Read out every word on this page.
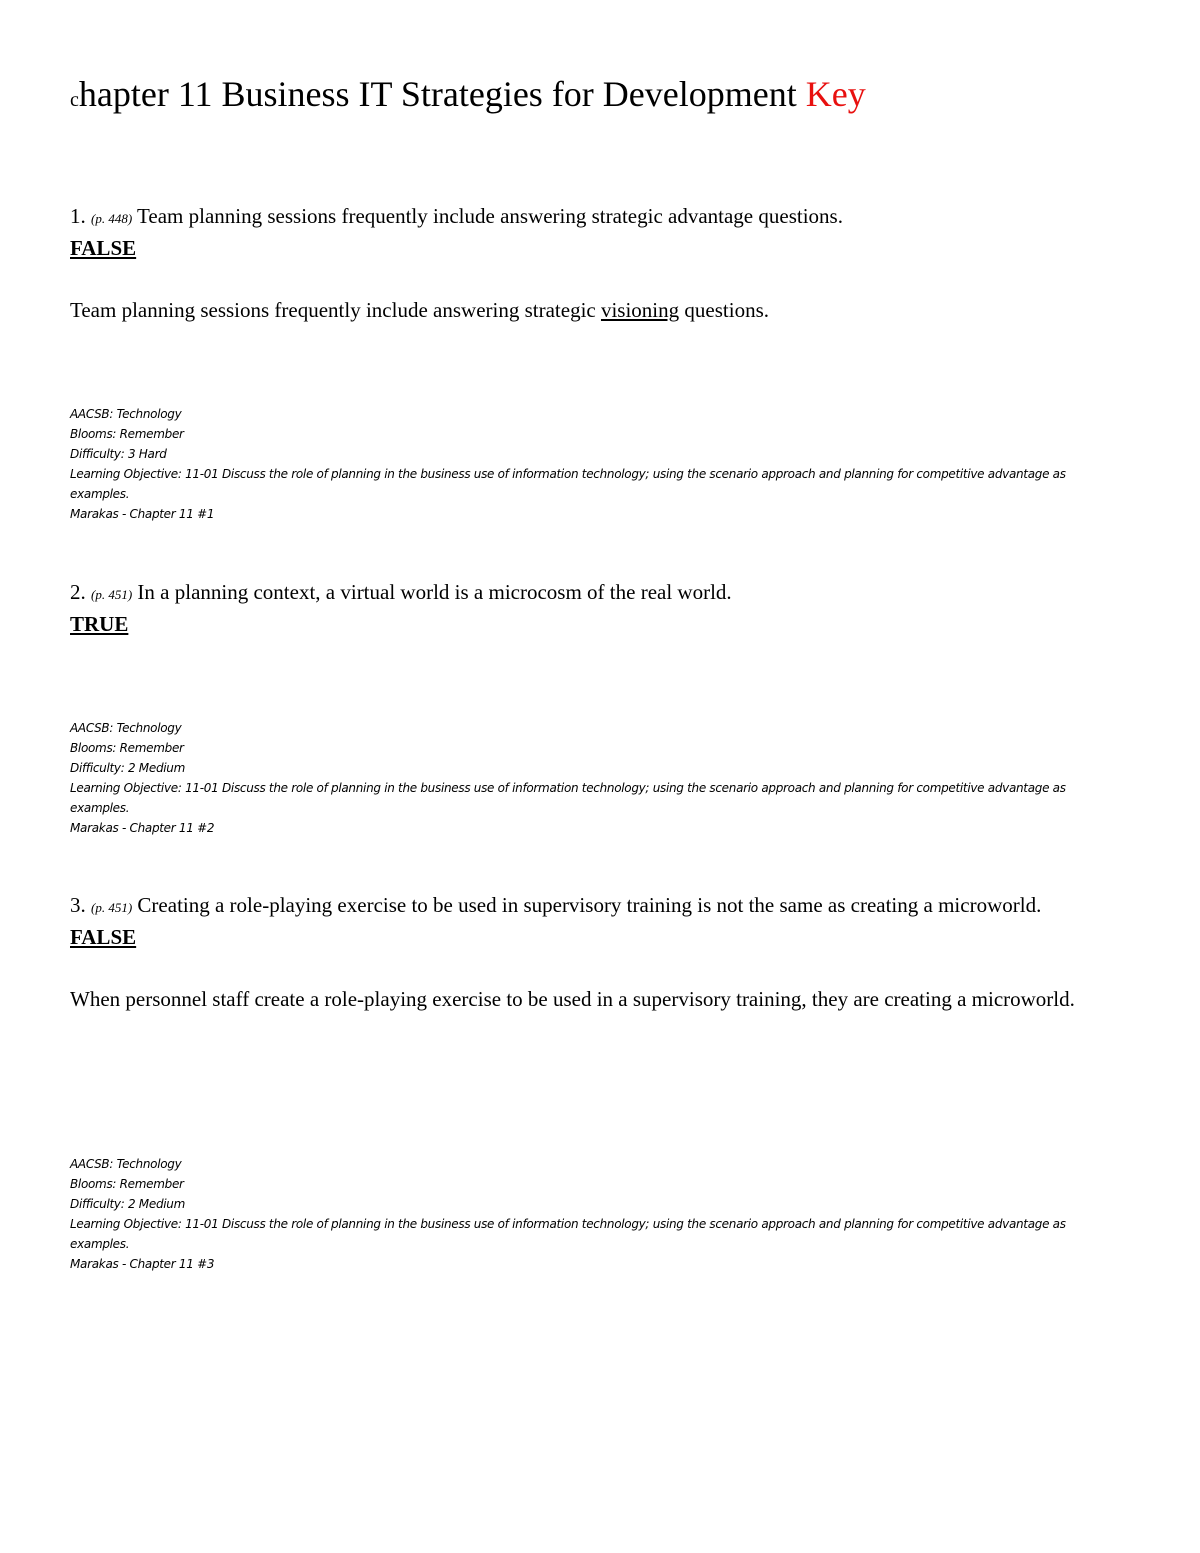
chapter 11 Business IT Strategies for Development Key

1. (p. 448) Team planning sessions frequently include answering strategic advantage questions.

FALSE

Team planning sessions frequently include answering strategic visioning questions.

AACSB: Technology
Blooms: Remember
Difficulty: 3 Hard
Learning Objective: 11-01 Discuss the role of planning in the business use of information technology; using the scenario approach and planning for competitive advantage as examples.
Marakas - Chapter 11 #1

2. (p. 451) In a planning context, a virtual world is a microcosm of the real world.

TRUE
AACSB: Technology
Blooms: Remember
Difficulty: 2 Medium
Learning Objective: 11-01 Discuss the role of planning in the business use of information technology; using the scenario approach and planning for competitive advantage as examples.
Marakas - Chapter 11 #2

3. (p. 451) Creating a role-playing exercise to be used in supervisory training is not the same as creating a microworld.

FALSE

When personnel staff create a role-playing exercise to be used in a supervisory training, they are creating a microworld.

AACSB: Technology
Blooms: Remember
Difficulty: 2 Medium
Learning Objective: 11-01 Discuss the role of planning in the business use of information technology; using the scenario approach and planning for competitive advantage as examples.
Marakas - Chapter 11 #3
